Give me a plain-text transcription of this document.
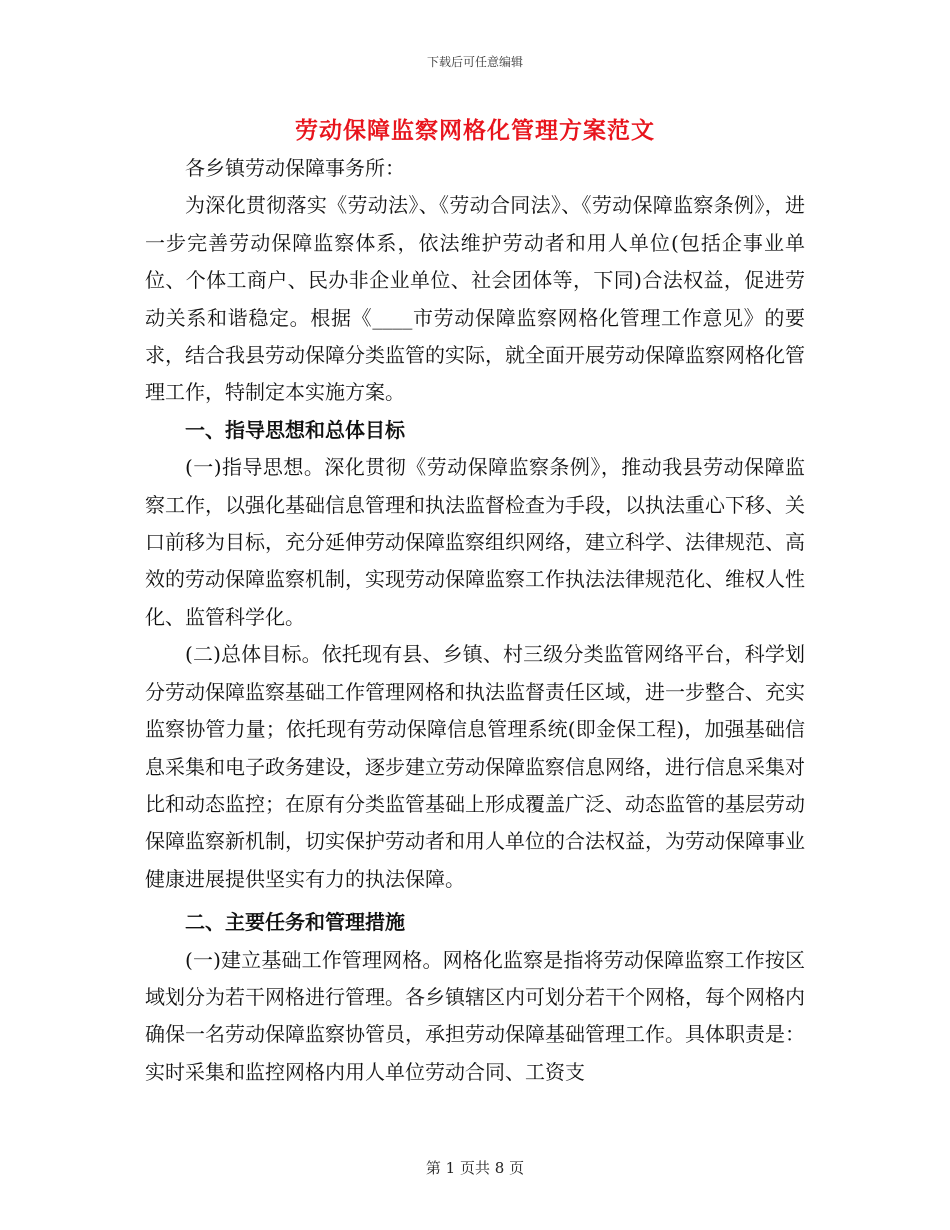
下载后可任意编辑
劳动保障监察网格化管理方案范文

各乡镇劳动保障事务所：

为深化贯彻落实《劳动法》、《劳动合同法》、《劳动保障监察条例》，进一步完善劳动保障监察体系，依法维护劳动者和用人单位(包括企事业单位、个体工商户、民办非企业单位、社会团体等，下同)合法权益，促进劳动关系和谐稳定。根据《____市劳动保障监察网格化管理工作意见》的要求，结合我县劳动保障分类监管的实际，就全面开展劳动保障监察网格化管理工作，特制定本实施方案。

一、指导思想和总体目标

(一)指导思想。深化贯彻《劳动保障监察条例》，推动我县劳动保障监察工作，以强化基础信息管理和执法监督检查为手段，以执法重心下移、关口前移为目标，充分延伸劳动保障监察组织网络，建立科学、法律规范、高效的劳动保障监察机制，实现劳动保障监察工作执法法律规范化、维权人性化、监管科学化。

(二)总体目标。依托现有县、乡镇、村三级分类监管网络平台，科学划分劳动保障监察基础工作管理网格和执法监督责任区域，进一步整合、充实监察协管力量；依托现有劳动保障信息管理系统(即金保工程)，加强基础信息采集和电子政务建设，逐步建立劳动保障监察信息网络，进行信息采集对比和动态监控；在原有分类监管基础上形成覆盖广泛、动态监管的基层劳动保障监察新机制，切实保护劳动者和用人单位的合法权益，为劳动保障事业健康进展提供坚实有力的执法保障。

二、主要任务和管理措施

(一)建立基础工作管理网格。网格化监察是指将劳动保障监察工作按区域划分为若干网格进行管理。各乡镇辖区内可划分若干个网格，每个网格内确保一名劳动保障监察协管员，承担劳动保障基础管理工作。具体职责是：实时采集和监控网格内用人单位劳动合同、工资支

第 1 页共 8 页
